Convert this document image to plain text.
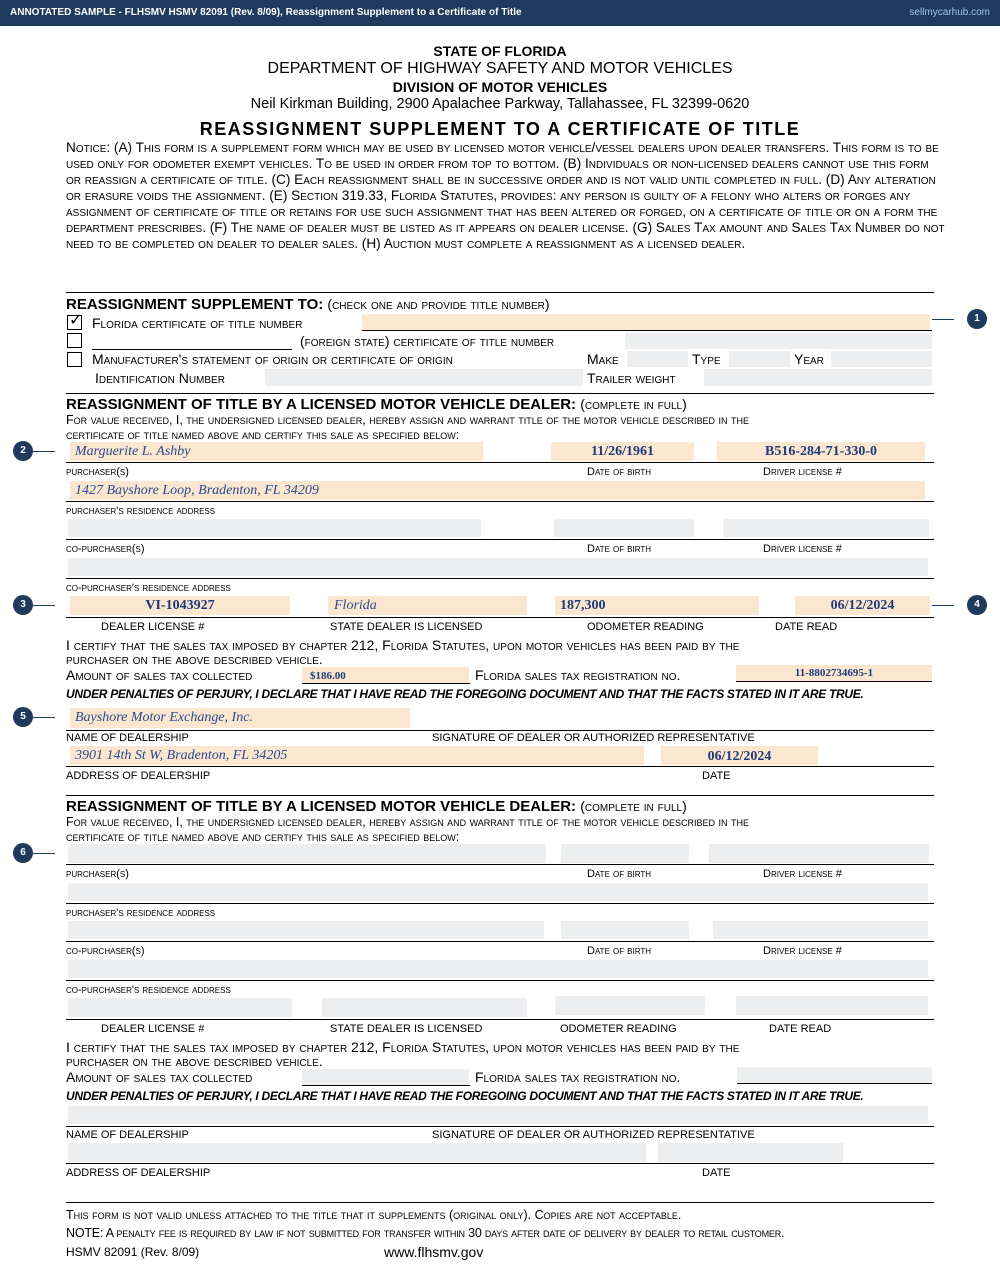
ANNOTATED SAMPLE - FLHSMV HSMV 82091 (Rev. 8/09), Reassignment Supplement to a Certificate of Title	sellmycarhub.com
STATE OF FLORIDA
DEPARTMENT OF HIGHWAY SAFETY AND MOTOR VEHICLES
DIVISION OF MOTOR VEHICLES
Neil Kirkman Building, 2900 Apalachee Parkway, Tallahassee, FL 32399-0620
REASSIGNMENT SUPPLEMENT TO A CERTIFICATE OF TITLE
Notice: (A) This form is a supplement form which may be used by licensed motor vehicle/vessel dealers upon dealer transfers. This form is to be used only for odometer exempt vehicles. To be used in order from top to bottom. (B) Individuals or non-licensed dealers cannot use this form or reassign a certificate of title. (C) Each reassignment shall be in successive order and is not valid until completed in full. (D) Any alteration or erasure voids the assignment. (E) Section 319.33, Florida Statutes, provides: any person is guilty of a felony who alters or forges any assignment of certificate of title or retains for use such assignment that has been altered or forged, on a certificate of title or on a form the department prescribes. (F) The name of dealer must be listed as it appears on dealer license. (G) Sales Tax amount and Sales Tax Number do not need to be completed on dealer to dealer sales. (H) Auction must complete a reassignment as a licensed dealer.
REASSIGNMENT SUPPLEMENT TO: (check one and provide title number)
✓ Florida certificate of title number
(foreign state) certificate of title number
Manufacturer's statement of origin or certificate of origin	Make	Type	Year
Identification Number	Trailer weight
REASSIGNMENT OF TITLE BY A LICENSED MOTOR VEHICLE DEALER: (complete in full)
For value received, I, the undersigned licensed dealer, hereby assign and warrant title of the motor vehicle described in the
certificate of title named above and certify this sale as specified below:
Marguerite L. Ashby	11/26/1961	B516-284-71-330-0
purchaser(s)	Date of birth	Driver license #
1427 Bayshore Loop, Bradenton, FL 34209
purchaser's residence address
co-purchaser(s)	Date of birth	Driver license #
co-purchaser's residence address
VI-1043927	Florida	187,300	06/12/2024
DEALER LICENSE #	STATE DEALER IS LICENSED	ODOMETER READING	DATE READ
I certify that the sales tax imposed by chapter 212, Florida Statutes, upon motor vehicles has been paid by the
purchaser on the above described vehicle.
Amount of sales tax collected	$186.00	Florida sales tax registration no.	11-8802734695-1
UNDER PENALTIES OF PERJURY, I DECLARE THAT I HAVE READ THE FOREGOING DOCUMENT AND THAT THE FACTS STATED IN IT ARE TRUE.
Bayshore Motor Exchange, Inc.
NAME OF DEALERSHIP	SIGNATURE OF DEALER OR AUTHORIZED REPRESENTATIVE
3901 14th St W, Bradenton, FL 34205	06/12/2024
ADDRESS OF DEALERSHIP	DATE
REASSIGNMENT OF TITLE BY A LICENSED MOTOR VEHICLE DEALER: (complete in full)
For value received, I, the undersigned licensed dealer, hereby assign and warrant title of the motor vehicle described in the
certificate of title named above and certify this sale as specified below:
purchaser(s)	Date of birth	Driver license #
purchaser's residence address
co-purchaser(s)	Date of birth	Driver license #
co-purchaser's residence address
DEALER LICENSE #	STATE DEALER IS LICENSED	ODOMETER READING	DATE READ
I certify that the sales tax imposed by chapter 212, Florida Statutes, upon motor vehicles has been paid by the
purchaser on the above described vehicle.
Amount of sales tax collected	Florida sales tax registration no.
UNDER PENALTIES OF PERJURY, I DECLARE THAT I HAVE READ THE FOREGOING DOCUMENT AND THAT THE FACTS STATED IN IT ARE TRUE.
NAME OF DEALERSHIP	SIGNATURE OF DEALER OR AUTHORIZED REPRESENTATIVE
ADDRESS OF DEALERSHIP	DATE
This form is not valid unless attached to the title that it supplements (original only). Copies are not acceptable.
NOTE: A penalty fee is required by law if not submitted for transfer within 30 days after date of delivery by dealer to retail customer.
HSMV 82091 (Rev. 8/09)	www.flhsmv.gov
1
2
3	4
5
6
